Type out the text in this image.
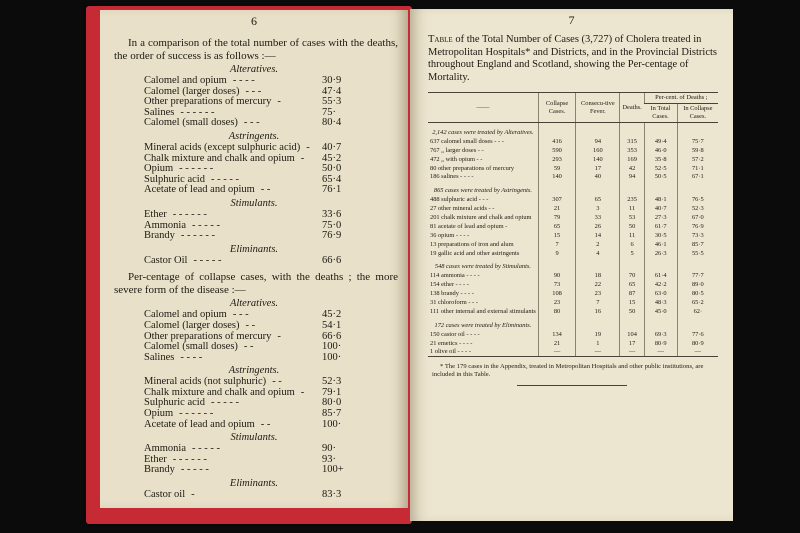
6
In a comparison of the total number of cases with the deaths, the order of success is as follows :—
Alteratives.
Calomel and opium - - - -	30·9
Calomel (larger doses) - - -	47·4
Other preparations of mercury -	55·3
Salines - - - - - -	75·
Calomel (small doses) - - -	80·4
Astringents.
Mineral acids (except sulphuric acid) - 40·7
Chalk mixture and chalk and opium - 45·2
Opium - - - - - -	50·0
Sulphuric acid - - - - -	65·4
Acetate of lead and opium - -	76·1
Stimulants.
Ether - - - - - -	33·6
Ammonia - - - - -	75·0
Brandy - - - - - -	76·9
Eliminants.
Castor Oil - - - - -	66·6
Per-centage of collapse cases, with the deaths ; the more severe form of the disease :—
Alteratives.
Calomel and opium - - -	45·2
Calomel (larger doses) - -	54·1
Other preparations of mercury -	66·6
Calomel (small doses) - -	100·
Salines - - - -	100·
Astringents.
Mineral acids (not sulphuric) - -	52·3
Chalk mixture and chalk and opium - 79·1
Sulphuric acid - - - - -	80·0
Opium - - - - - -	85·7
Acetate of lead and opium - -	100·
Stimulants.
Ammonia - - - - -	90·
Ether - - - - - -	93·
Brandy - - - - -	100+
Eliminants.
Castor oil -	83·3
7
Table of the Total Number of Cases (3,727) of Cholera treated in Metropolitan Hospitals* and Districts, and in the Provincial Districts throughout England and Scotland, showing the Per-centage of Mortality.
——	Collapse Cases.	Consecu-tive Fever.	Deaths.	Per-cent. of Deaths ;	
				In Total Cases.	In Collapse Cases.

2,142 cases were treated by Alteratives.					
637 calomel small doses - - -	416	94	315	49·4	75·7
767 „ larger doses - -	590	160	353	46·0	59·8
472 „ with opium - -	293	140	169	35·8	57·2
80 other preparations of mercury	59	17	42	52·5	71·1
186 salines - - - -	140	40	94	50·5	67·1

865 cases were treated by Astringents.					
488 sulphuric acid - - -	307	65	235	48·1	76·5
27 other mineral acids - -	21	3	11	40·7	52·3
201 chalk mixture and chalk and opium	79	33	53	27·3	67·0
81 acetate of lead and opium -	65	26	50	61·7	76·9
36 opium - - - -	15	14	11	30·5	73·3
13 preparations of iron and alum	7	2	6	46·1	85·7
19 gallic acid and other astringents	9	4	5	26·3	55·5

548 cases were treated by Stimulants.					
114 ammonia - - - -	90	18	70	61·4	77·7
154 ether - - - -	73	22	65	42·2	89·0
138 brandy - - - -	108	23	87	63·0	80·5
31 chloroform - - -	23	7	15	48·3	65·2
111 other internal and external stimulants	80	16	50	45·0	62·

172 cases were treated by Eliminants.					
150 castor oil - - - -	134	19	104	69·3	77·6
21 emetics - - - -	21	1	17	80·9	80·9
1 olive oil - - - -	—	—	—	—	—
* The 179 cases in the Appendix, treated in Metropolitan Hospitals and other public institutions, are included in this Table.
